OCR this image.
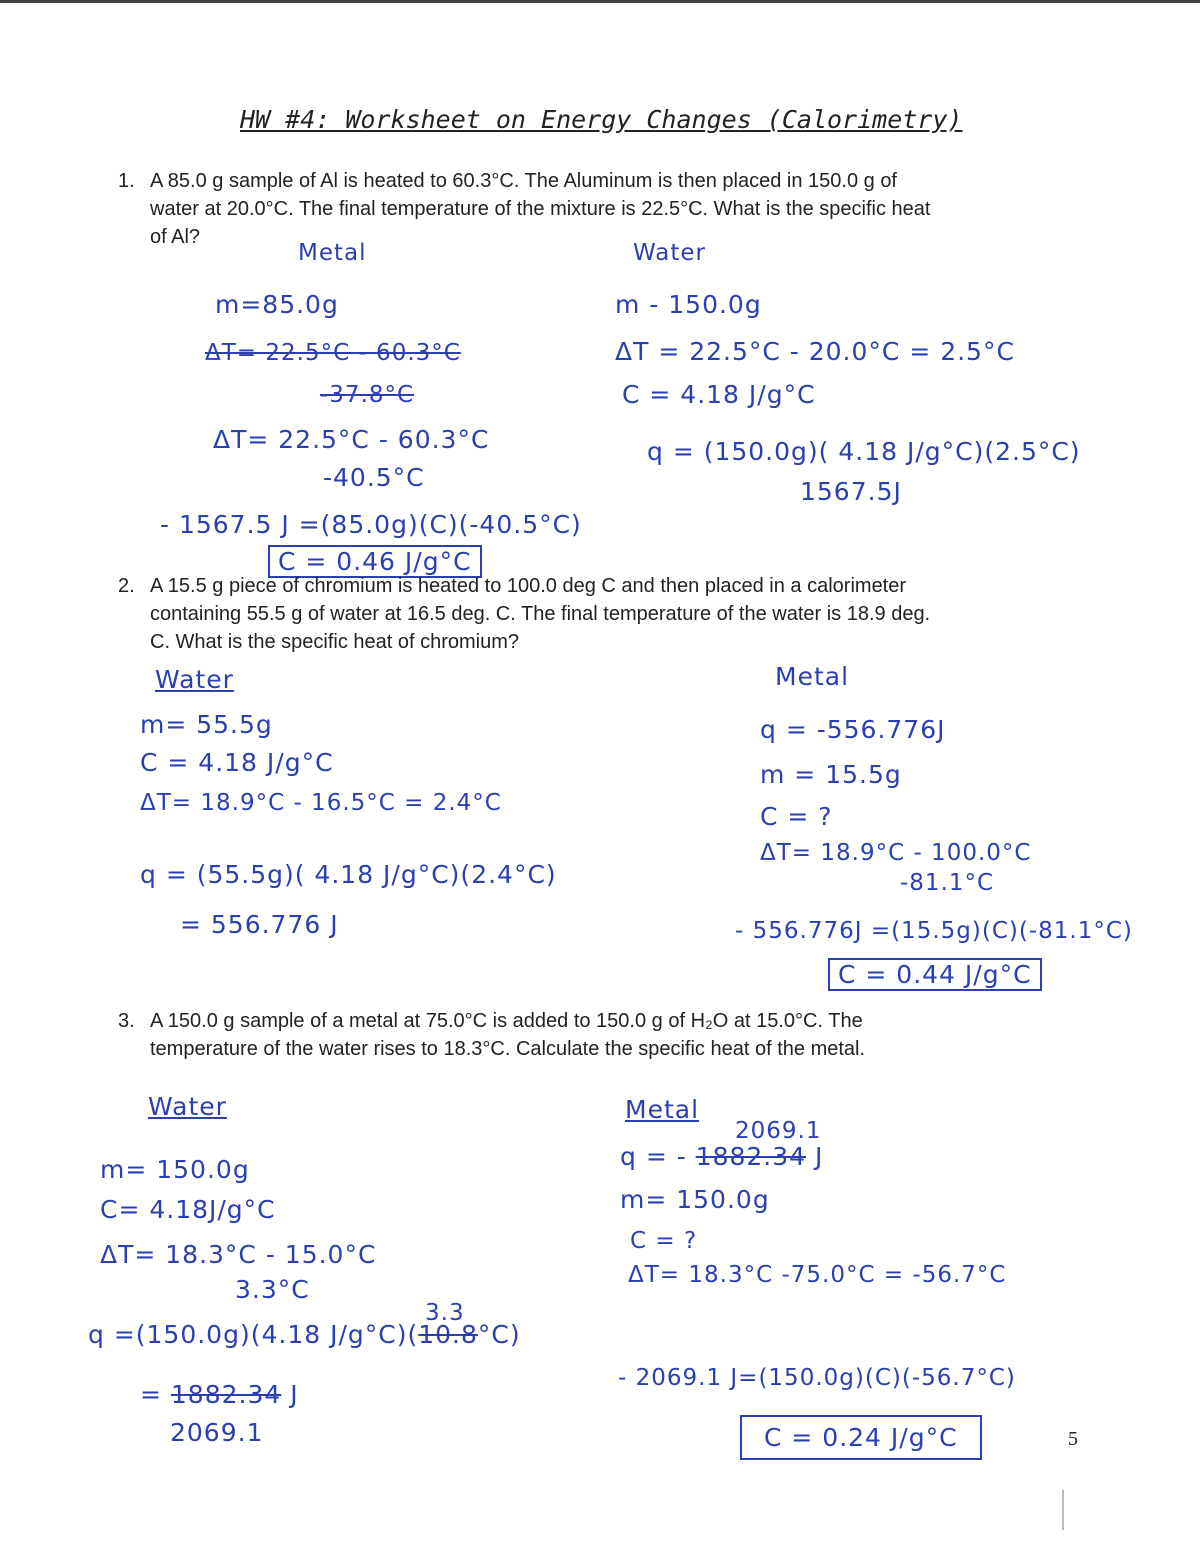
HW #4: Worksheet on Energy Changes (Calorimetry)
1. A 85.0 g sample of Al is heated to 60.3°C. The Aluminum is then placed in 150.0 g of
water at 20.0°C. The final temperature of the mixture is 22.5°C. What is the specific heat
of Al?
Metal	Water
m=85.0g
ΔT= 22.5°C - 60.3°C
-37.8°C
ΔT= 22.5°C - 60.3°C
-40.5°C
m - 150.0g
ΔT = 22.5°C - 20.0°C = 2.5°C
C = 4.18 J/g°C
q = (150.0g)( 4.18 J/g°C)(2.5°C)
1567.5J
- 1567.5 J =(85.0g)(C)(-40.5°C)
C = 0.46 J/g°C
2. A 15.5 g piece of chromium is heated to 100.0 deg C and then placed in a calorimeter
containing 55.5 g of water at 16.5 deg. C. The final temperature of the water is 18.9 deg.
C. What is the specific heat of chromium?
Water	Metal
m= 55.5g
C = 4.18 J/g°C
ΔT= 18.9°C - 16.5°C = 2.4°C
q = (55.5g)( 4.18 J/g°C)(2.4°C)
= 556.776 J
q = -556.776J
m = 15.5g
C = ?
ΔT= 18.9°C - 100.0°C
-81.1°C
- 556.776J =(15.5g)(C)(-81.1°C)
C = 0.44 J/g°C
3. A 150.0 g sample of a metal at 75.0°C is added to 150.0 g of H₂O at 15.0°C. The
temperature of the water rises to 18.3°C. Calculate the specific heat of the metal.
Water	Metal
m= 150.0g
C= 4.18J/g°C
ΔT= 18.3°C - 15.0°C
3.3°C
3.3
q =(150.0g)(4.18 J/g°C)(10.8°C)
= 1882.34 J
2069.1
2069.1
q = - 1882.34 J
m= 150.0g
C = ?
ΔT= 18.3°C -75.0°C = -56.7°C
- 2069.1 J=(150.0g)(C)(-56.7°C)
C = 0.24 J/g°C	5
